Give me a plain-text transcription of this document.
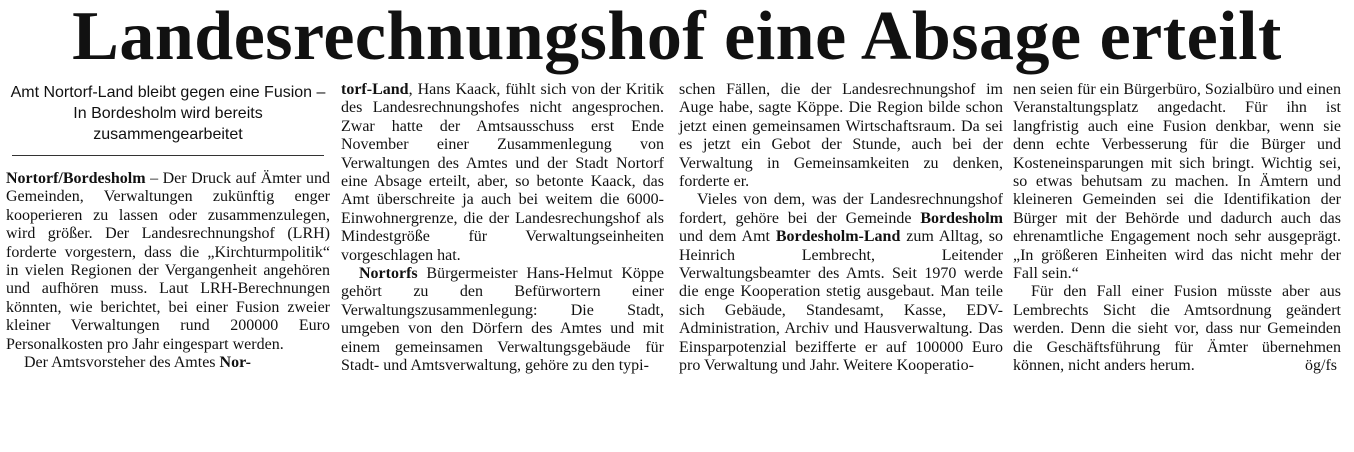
Landesrechnungshof eine Absage erteilt
Amt Nortorf-Land bleibt gegen eine Fusion – In Bordesholm wird bereits zusammengearbeitet

Nortorf/Bordesholm – Der Druck auf Ämter und Gemeinden, Verwaltungen zukünftig enger kooperieren zu lassen oder zusammenzulegen, wird größer. Der Landesrechnungshof (LRH) forderte vorgestern, dass die „Kirchturmpolitik“ in vielen Regionen der Vergangenheit angehören und aufhören muss. Laut LRH-Berechnungen könnten, wie berichtet, bei einer Fusion zweier kleiner Verwaltungen rund 200000 Euro Personalkosten pro Jahr eingespart werden.

Der Amtsvorsteher des Amtes Nor-

torf-Land, Hans Kaack, fühlt sich von der Kritik des Landesrechnungshofes nicht angesprochen. Zwar hatte der Amtsausschuss erst Ende November einer Zusammenlegung von Verwaltungen des Amtes und der Stadt Nortorf eine Absage erteilt, aber, so betonte Kaack, das Amt überschreite ja auch bei weitem die 6000-Einwohnergrenze, die der Landesrechungshof als Mindestgröße für Verwaltungseinheiten vorgeschlagen hat.

Nortorfs Bürgermeister Hans-Helmut Köppe gehört zu den Befürwortern einer Verwaltungszusammenlegung: Die Stadt, umgeben von den Dörfern des Amtes und mit einem gemeinsamen Verwaltungsgebäude für Stadt- und Amtsverwaltung, gehöre zu den typi-

schen Fällen, die der Landesrechnungshof im Auge habe, sagte Köppe. Die Region bilde schon jetzt einen gemeinsamen Wirtschaftsraum. Da sei es jetzt ein Gebot der Stunde, auch bei der Verwaltung in Gemeinsamkeiten zu denken, forderte er.

Vieles von dem, was der Landesrechnungshof fordert, gehöre bei der Gemeinde Bordesholm und dem Amt Bordesholm-Land zum Alltag, so Heinrich Lembrecht, Leitender Verwaltungsbeamter des Amts. Seit 1970 werde die enge Kooperation stetig ausgebaut. Man teile sich Gebäude, Standesamt, Kasse, EDV-Administration, Archiv und Hausverwaltung. Das Einsparpotenzial bezifferte er auf 100000 Euro pro Verwaltung und Jahr. Weitere Kooperatio-

nen seien für ein Bürgerbüro, Sozialbüro und einen Veranstaltungsplatz angedacht. Für ihn ist langfristig auch eine Fusion denkbar, wenn sie denn echte Verbesserung für die Bürger und Kosteneinsparungen mit sich bringt. Wichtig sei, so etwas behutsam zu machen. In Ämtern und kleineren Gemeinden sei die Identifikation der Bürger mit der Behörde und dadurch auch das ehrenamtliche Engagement noch sehr ausgeprägt. „In größeren Einheiten wird das nicht mehr der Fall sein.“

Für den Fall einer Fusion müsste aber aus Lembrechts Sicht die Amtsordnung geändert werden. Denn die sieht vor, dass nur Gemeinden die Geschäftsführung für Ämter übernehmen können, nicht anders herum.	ög/fs
